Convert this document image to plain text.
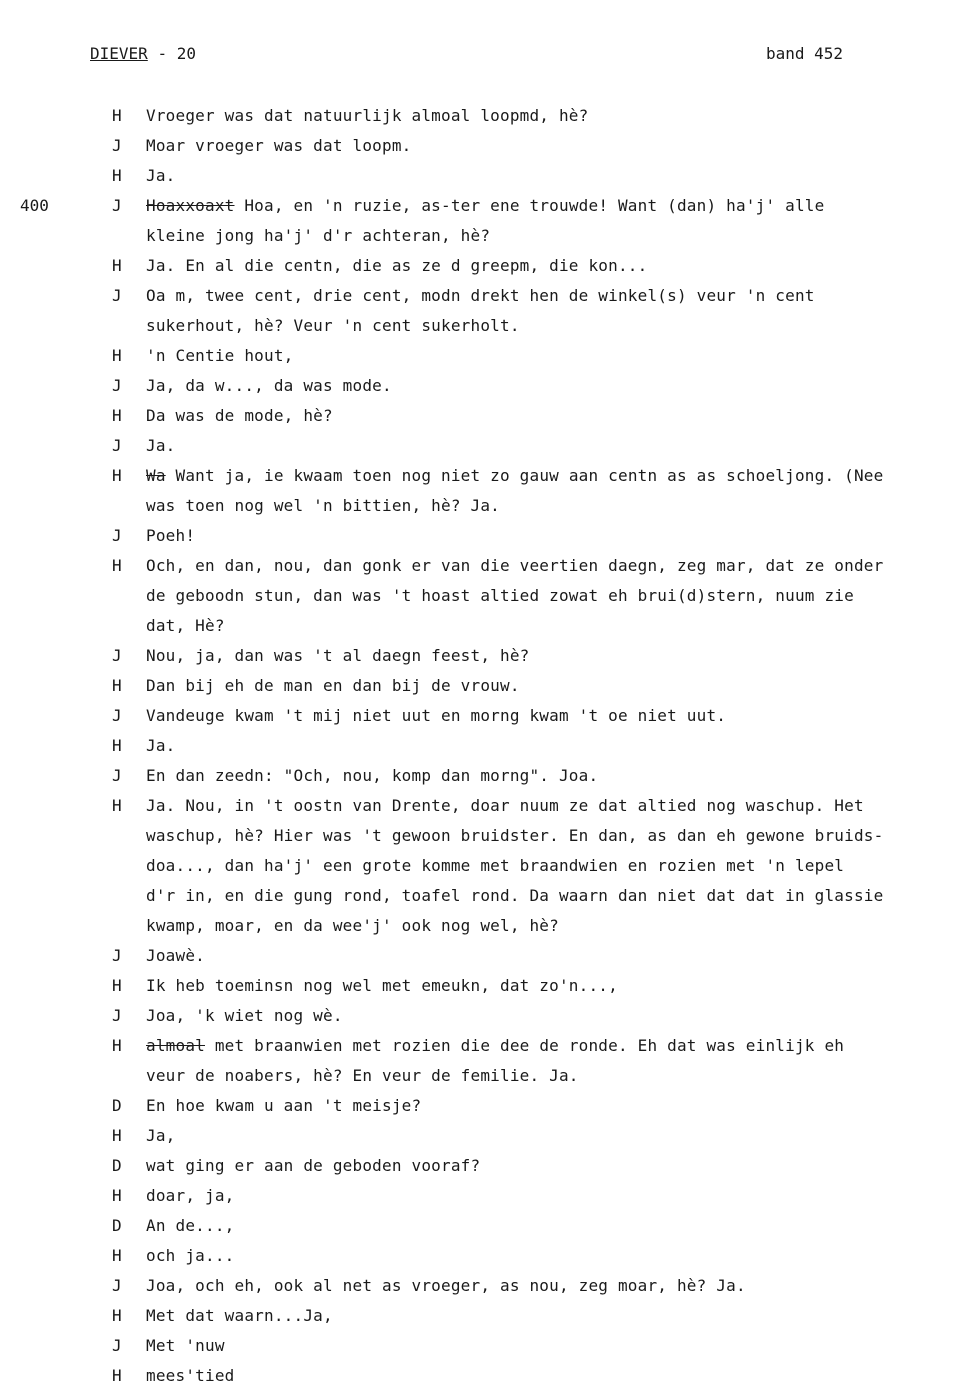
DIEVER - 20	band 452
H	Vroeger was dat natuurlijk almoal loopmd, hè?
J	Moar vroeger was dat loopm.
H	Ja.
400	J	Hoaxxoaxt Hoa, en 'n ruzie, as-ter ene trouwde! Want (dan) ha'j' alle
kleine jong ha'j' d'r achteran, hè?
H	Ja. En al die centn, die as ze d greepm, die kon...
J	Oa m, twee cent, drie cent, modn drekt hen de winkel(s) veur 'n cent
sukerhout, hè? Veur 'n cent sukerholt.
H	'n Centie hout,
J	Ja, da w..., da was mode.
H	Da was de mode, hè?
J	Ja.
H	Wa Want ja, ie kwaam toen nog niet zo gauw aan centn as as schoeljong. (Nee
was toen nog wel 'n bittien, hè? Ja.
J	Poeh!
H	Och, en dan, nou, dan gonk er van die veertien daegn, zeg mar, dat ze onder
de geboodn stun, dan was 't hoast altied zowat eh brui(d)stern, nuum zie
dat, Hè?
J	Nou, ja, dan was 't al daegn feest, hè?
H	Dan bij eh de man en dan bij de vrouw.
J	Vandeuge kwam 't mij niet uut en morng kwam 't oe niet uut.
H	Ja.
J	En dan zeedn: "Och, nou, komp dan morng". Joa.
H	Ja. Nou, in 't oostn van Drente, doar nuum ze dat altied nog waschup. Het
waschup, hè? Hier was 't gewoon bruidster. En dan, as dan eh gewone bruids-
doa..., dan ha'j' een grote komme met braandwien en rozien met 'n lepel
d'r in, en die gung rond, toafel rond. Da waarn dan niet dat dat in glassie
kwamp, moar, en da wee'j' ook nog wel, hè?
J	Joawè.
H	Ik heb toeminsn nog wel met emeukn, dat zo'n...,
J	Joa, 'k wiet nog wè.
H	almoal met braanwien met rozien die dee de ronde. Eh dat was einlijk eh
veur de noabers, hè? En veur de femilie. Ja.
D	En hoe kwam u aan 't meisje?
H	Ja,
D	wat ging er aan de geboden vooraf?
H	doar, ja,
D	An de...,
H	och ja...
J	Joa, och eh, ook al net as vroeger, as nou, zeg moar, hè? Ja.
H	Met dat waarn...Ja,
J	Met 'nuw
H	mees'tied
